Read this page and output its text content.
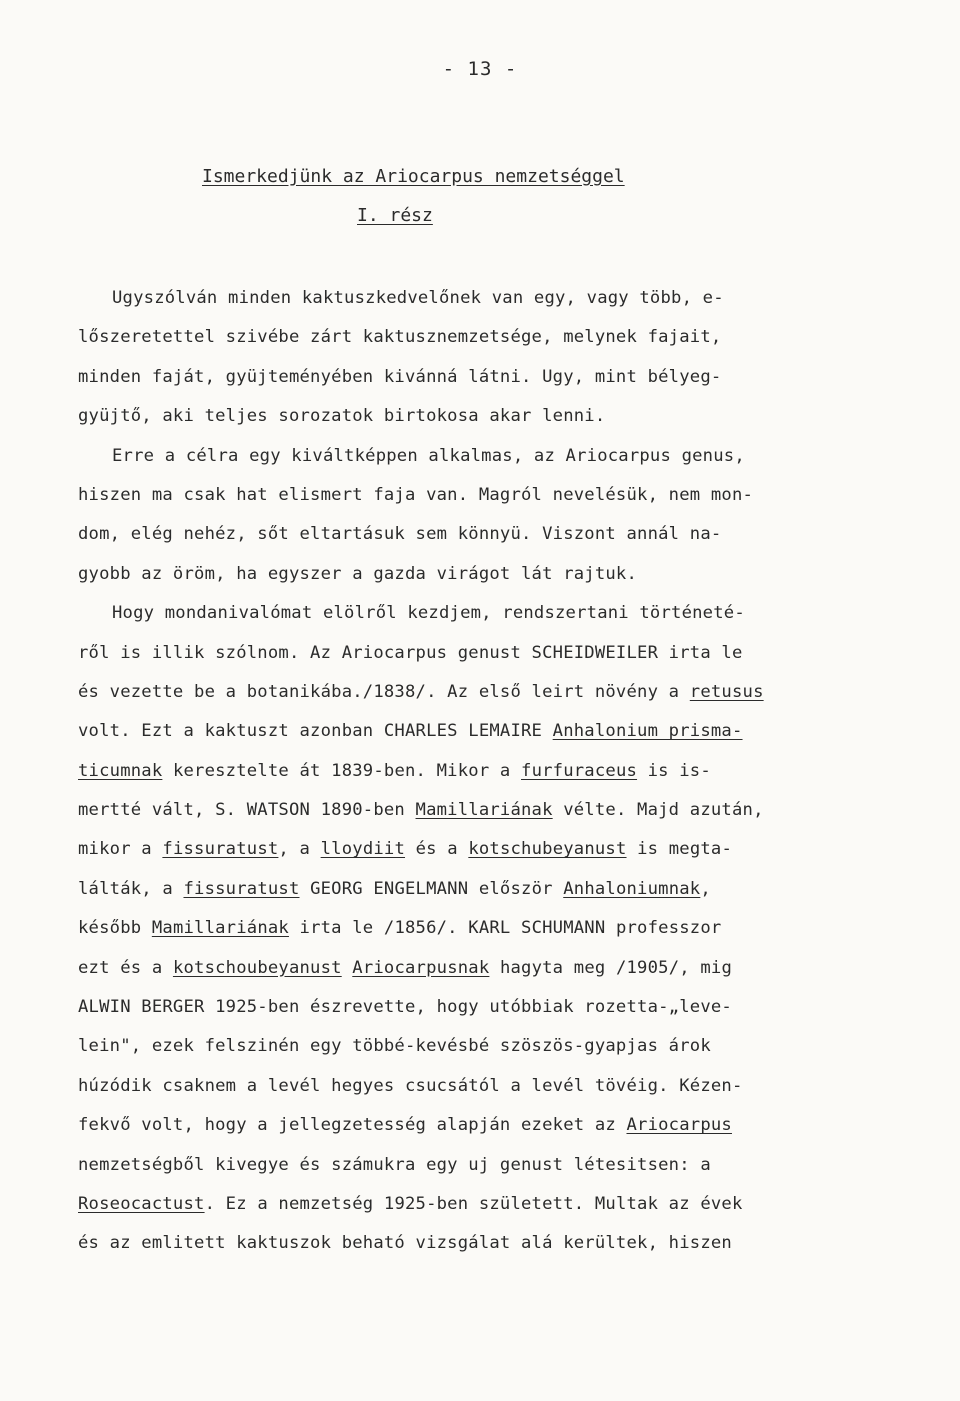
- 13 -
Ismerkedjünk az Ariocarpus nemzetséggel
I. rész
Ugyszólván minden kaktuszkedvelőnek van egy, vagy több, e-
lőszeretettel szivébe zárt kaktusznemzetsége, melynek fajait,
minden faját, gyüjteményében kivánná látni. Ugy, mint bélyeg-
gyüjtő, aki teljes sorozatok birtokosa akar lenni.
Erre a célra egy kiváltképpen alkalmas, az Ariocarpus genus,
hiszen ma csak hat elismert faja van. Magról nevelésük, nem mon-
dom, elég nehéz, sőt eltartásuk sem könnyü. Viszont annál na-
gyobb az öröm, ha egyszer a gazda virágot lát rajtuk.
Hogy mondanivalómat elölről kezdjem, rendszertani történeté-
ről is illik szólnom. Az Ariocarpus genust SCHEIDWEILER irta le
és vezette be a botanikába./1838/. Az első leirt növény a retusus
volt. Ezt a kaktuszt azonban CHARLES LEMAIRE Anhalonium prisma-
ticumnak keresztelte át 1839-ben. Mikor a furfuraceus is is-
mertté vált, S. WATSON 1890-ben Mamillariának vélte. Majd azután,
mikor a fissuratust, a lloydiit és a kotschubeyanust is megta-
lálták, a fissuratust GEORG ENGELMANN először Anhaloniumnak,
később Mamillariának irta le /1856/. KARL SCHUMANN professzor
ezt és a kotschoubeyanust Ariocarpusnak hagyta meg /1905/, mig
ALWIN BERGER 1925-ben észrevette, hogy utóbbiak rozetta-„leve-
lein", ezek felszinén egy többé-kevésbé szöszös-gyapjas árok
húzódik csaknem a levél hegyes csucsától a levél tövéig. Kézen-
fekvő volt, hogy a jellegzetesség alapján ezeket az Ariocarpus
nemzetségből kivegye és számukra egy uj genust létesitsen: a
Roseocactust. Ez a nemzetség 1925-ben született. Multak az évek
és az emlitett kaktuszok beható vizsgálat alá kerültek, hiszen
